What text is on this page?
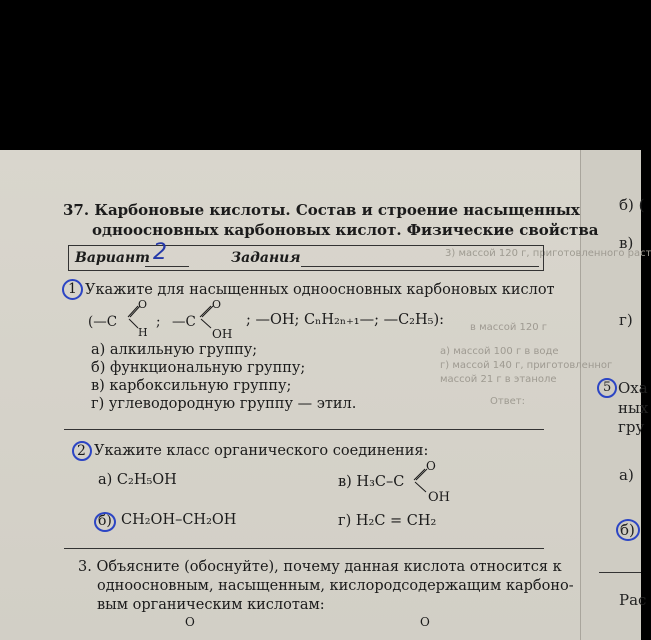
б) (
в)
г)
5 Оха
ных
гру
а)
б)
Рас
3) массой 120 г, приготовленного раст
в массой 120 г
г) массой 140 г, приготовленног
а) массой 100 г в воде
массой 21 г в этаноле
Ответ:
37. Карбоновые кислоты. Состав и строение насыщенных
одноосновных карбоновых кислот. Физические свойства
Вариант 2	Задания
1 Укажите для насыщенных одноосновных карбоновых кислот
(—C
O
H
; —C
O
OH
; —OH; CₙH₂ₙ₊₁—; —C₂H₅):
а) алкильную группу;
б) функциональную группу;
в) карбоксильную группу;
г) углеводородную группу — этил.
2 Укажите класс органического соединения:
а) C₂H₅OH	в) H₃C–C
O
OH
б) CH₂OH–CH₂OH	г) H₂C = CH₂
3. Объясните (обоснуйте), почему данная кислота относится к
одноосновным, насыщенным, кислородсодержащим карбоно-
вым органическим кислотам:
O	O
